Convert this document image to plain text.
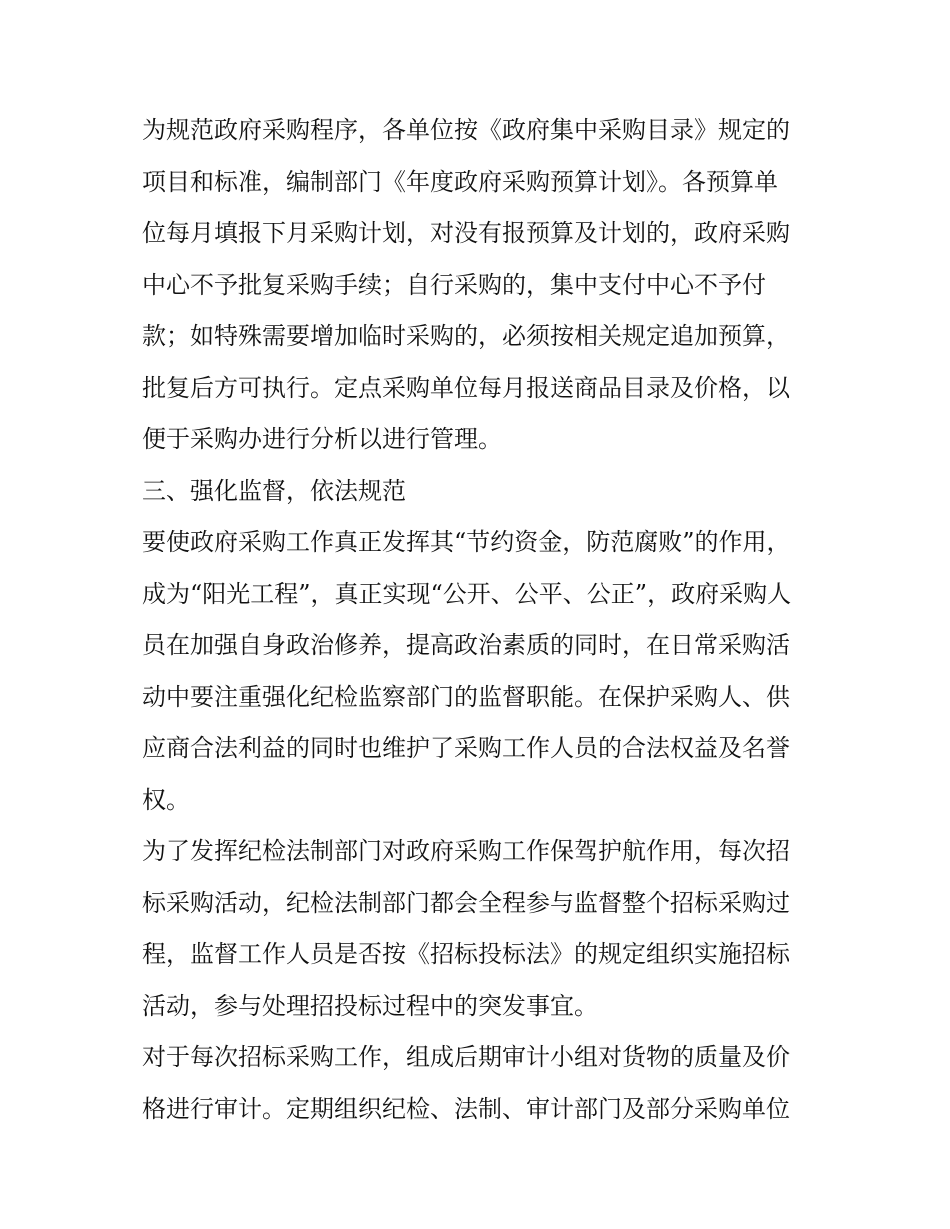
为规范政府采购程序，各单位按《政府集中采购目录》规定的
项目和标准，编制部门《年度政府采购预算计划》。各预算单
位每月填报下月采购计划，对没有报预算及计划的，政府采购
中心不予批复采购手续；自行采购的，集中支付中心不予付
款；如特殊需要增加临时采购的，必须按相关规定追加预算，
批复后方可执行。定点采购单位每月报送商品目录及价格，以
便于采购办进行分析以进行管理。
三、强化监督，依法规范
要使政府采购工作真正发挥其“节约资金，防范腐败”的作用，
成为“阳光工程”，真正实现“公开、公平、公正”，政府采购人
员在加强自身政治修养，提高政治素质的同时，在日常采购活
动中要注重强化纪检监察部门的监督职能。在保护采购人、供
应商合法利益的同时也维护了采购工作人员的合法权益及名誉
权。
为了发挥纪检法制部门对政府采购工作保驾护航作用，每次招
标采购活动，纪检法制部门都会全程参与监督整个招标采购过
程，监督工作人员是否按《招标投标法》的规定组织实施招标
活动，参与处理招投标过程中的突发事宜。
对于每次招标采购工作，组成后期审计小组对货物的质量及价
格进行审计。定期组织纪检、法制、审计部门及部分采购单位
